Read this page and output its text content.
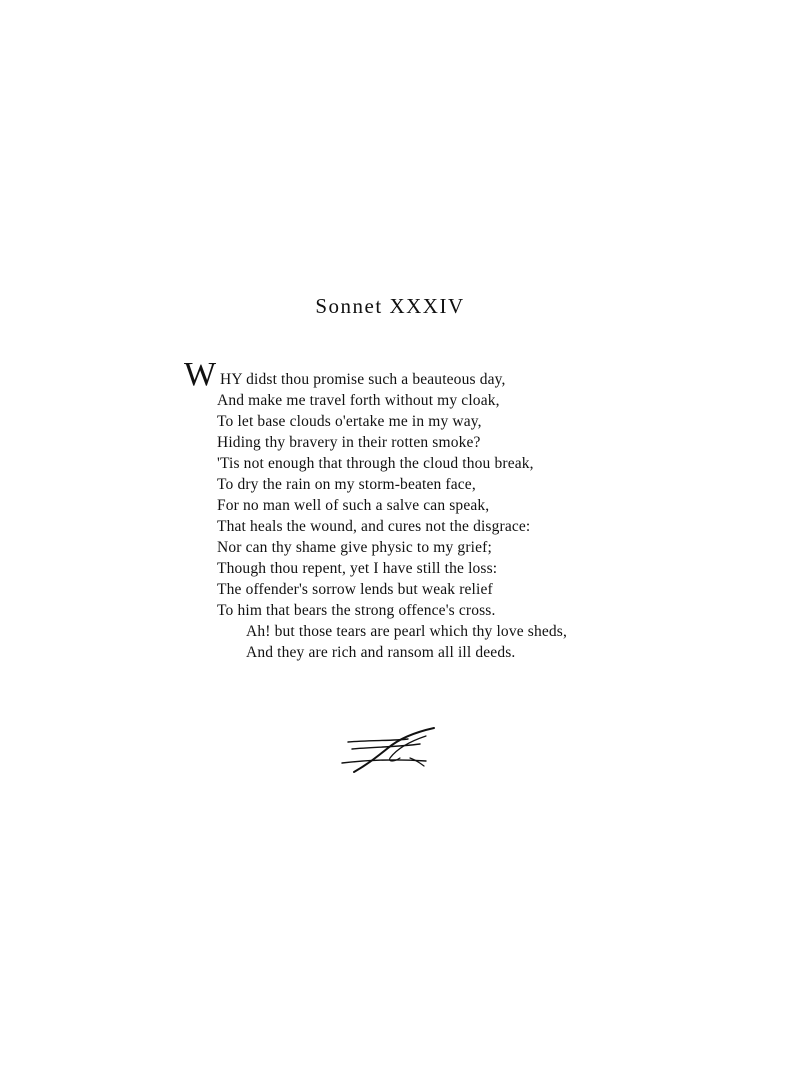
Sonnet XXXIV
W HY didst thou promise such a beauteous day,
And make me travel forth without my cloak,
To let base clouds o'ertake me in my way,
Hiding thy bravery in their rotten smoke?
'Tis not enough that through the cloud thou break,
To dry the rain on my storm-beaten face,
For no man well of such a salve can speak,
That heals the wound, and cures not the disgrace:
Nor can thy shame give physic to my grief;
Though thou repent, yet I have still the loss:
The offender's sorrow lends but weak relief
To him that bears the strong offence's cross.
Ah! but those tears are pearl which thy love sheds,
And they are rich and ransom all ill deeds.
